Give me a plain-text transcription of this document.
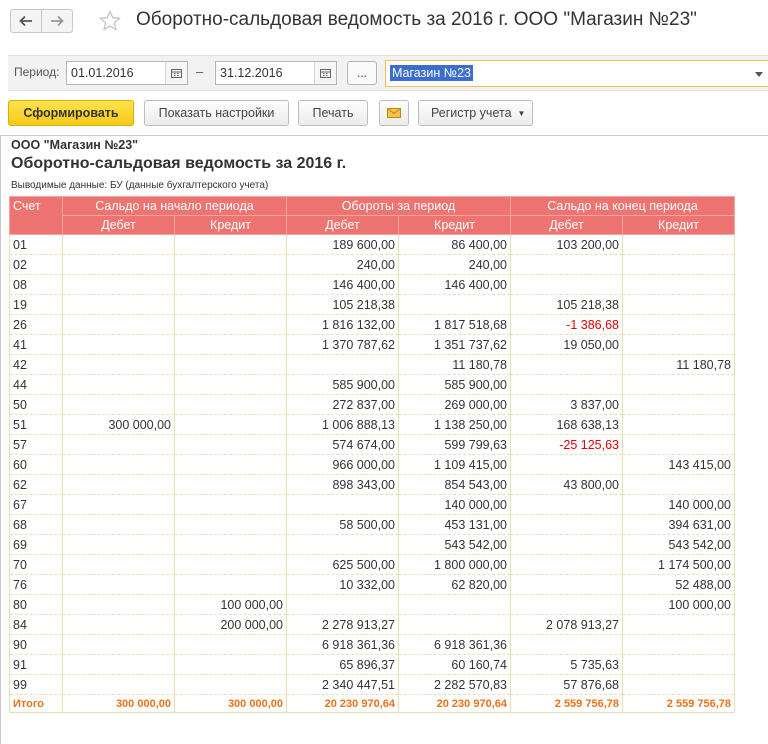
Оборотно-сальдовая ведомость за 2016 г. ООО "Магазин №23"
Период: 01.01.2016	–	31.12.2016	...	Магазин №23
Сформировать	Показать настройки	Печать	Регистр учета ▼
ООО "Магазин №23"
Оборотно-сальдовая ведомость за 2016 г.
Выводимые данные: БУ (данные бухгалтерского учета)
Счет	Сальдо на начало периода		Обороты за период		Сальдо на конец периода	
	Дебет	Кредит	Дебет	Кредит	Дебет	Кредит
01			189 600,00	86 400,00	103 200,00	
02			240,00	240,00		
08			146 400,00	146 400,00		
19			105 218,38		105 218,38	
26			1 816 132,00	1 817 518,68	-1 386,68	
41			1 370 787,62	1 351 737,62	19 050,00	
42				11 180,78		11 180,78
44			585 900,00	585 900,00		
50			272 837,00	269 000,00	3 837,00	
51	300 000,00		1 006 888,13	1 138 250,00	168 638,13	
57			574 674,00	599 799,63	-25 125,63	
60			966 000,00	1 109 415,00		143 415,00
62			898 343,00	854 543,00	43 800,00	
67				140 000,00		140 000,00
68			58 500,00	453 131,00		394 631,00
69				543 542,00		543 542,00
70			625 500,00	1 800 000,00		1 174 500,00
76			10 332,00	62 820,00		52 488,00
80		100 000,00				100 000,00
84		200 000,00	2 278 913,27		2 078 913,27	
90			6 918 361,36	6 918 361,36		
91			65 896,37	60 160,74	5 735,63	
99			2 340 447,51	2 282 570,83	57 876,68	
Итого	300 000,00	300 000,00	20 230 970,64	20 230 970,64	2 559 756,78	2 559 756,78
